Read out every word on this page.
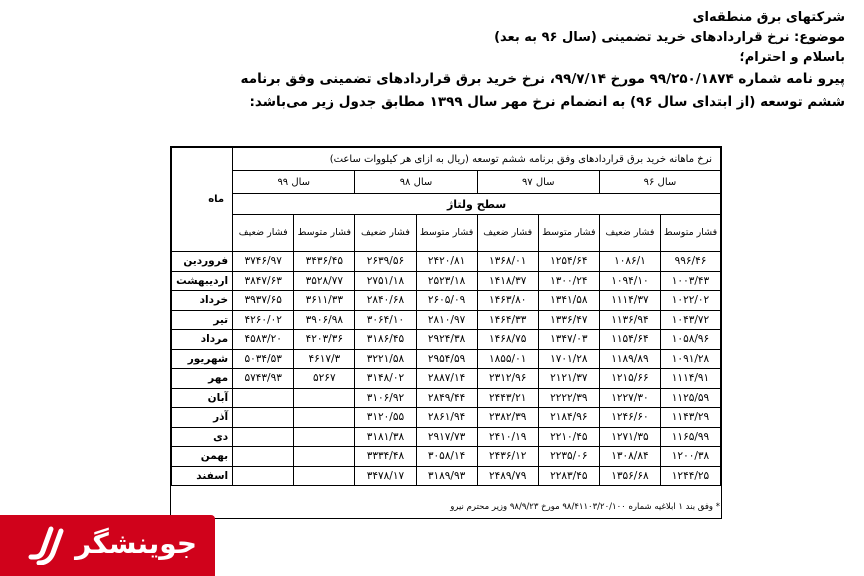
شرکتهای برق منطقه‌ای
موضوع: نرخ قراردادهای خرید تضمینی (سال ۹۶ به بعد)
باسلام و احترام؛
پیرو نامه شماره ۹۹/۲۵۰/۱۸۷۴ مورخ ۹۹/۷/۱۴، نرخ خرید برق قراردادهای تضمینی وفق برنامه
ششم توسعه (از ابتدای سال ۹۶) به انضمام نرخ مهر سال ۱۳۹۹ مطابق جدول زیر می‌باشد:
نرخ ماهانه خرید برق قراردادهای وفق برنامه ششم توسعه (ریال به ازای هر کیلووات ساعت)								ماه
سال ۹۶		سال ۹۷		سال ۹۸		سال ۹۹		
سطح ولتاژ								
فشار متوسط	فشار ضعیف	فشار متوسط	فشار ضعیف	فشار متوسط	فشار ضعیف	فشار متوسط	فشار ضعیف	
۹۹۶/۴۶	۱۰۸۶/۱	۱۲۵۴/۶۴	۱۳۶۸/۰۱	۲۴۲۰/۸۱	۲۶۳۹/۵۶	۳۴۳۶/۴۵	۳۷۴۶/۹۷	فروردین
۱۰۰۳/۴۳	۱۰۹۴/۱۰	۱۳۰۰/۲۴	۱۴۱۸/۳۷	۲۵۲۳/۱۸	۲۷۵۱/۱۸	۳۵۲۸/۷۷	۳۸۴۷/۶۳	اردیبهشت
۱۰۲۲/۰۲	۱۱۱۴/۳۷	۱۳۴۱/۵۸	۱۴۶۳/۸۰	۲۶۰۵/۰۹	۲۸۴۰/۶۸	۳۶۱۱/۳۳	۳۹۳۷/۶۵	خرداد
۱۰۴۳/۷۲	۱۱۳۶/۹۴	۱۳۳۶/۴۷	۱۴۶۴/۳۳	۲۸۱۰/۹۷	۳۰۶۴/۱۰	۳۹۰۶/۹۸	۴۲۶۰/۰۲	تیر
۱۰۵۸/۹۶	۱۱۵۴/۶۴	۱۳۴۷/۰۳	۱۴۶۸/۷۵	۲۹۲۴/۳۸	۳۱۸۶/۴۵	۴۲۰۳/۳۶	۴۵۸۳/۲۰	مرداد
۱۰۹۱/۲۸	۱۱۸۹/۸۹	۱۷۰۱/۲۸	۱۸۵۵/۰۱	۲۹۵۴/۵۹	۳۲۲۱/۵۸	۴۶۱۷/۳	۵۰۳۴/۵۳	شهریور
۱۱۱۴/۹۱	۱۲۱۵/۶۶	۲۱۲۱/۳۷	۲۳۱۲/۹۶	۲۸۸۷/۱۴	۳۱۴۸/۰۲	۵۲۶۷	۵۷۴۳/۹۳	مهر
۱۱۲۵/۵۹	۱۲۲۷/۳۰	۲۲۲۲/۳۹	۲۴۴۳/۲۱	۲۸۴۹/۴۴	۳۱۰۶/۹۲			آبان
۱۱۴۳/۲۹	۱۲۴۶/۶۰	۲۱۸۴/۹۶	۲۳۸۲/۳۹	۲۸۶۱/۹۴	۳۱۲۰/۵۵			آذر
۱۱۶۵/۹۹	۱۲۷۱/۳۵	۲۲۱۰/۴۵	۲۴۱۰/۱۹	۲۹۱۷/۷۳	۳۱۸۱/۳۸			دی
۱۲۰۰/۳۸	۱۳۰۸/۸۴	۲۲۳۵/۰۶	۲۴۳۶/۱۲	۳۰۵۸/۱۴	۳۳۳۴/۴۸			بهمن
۱۲۴۴/۲۵	۱۳۵۶/۶۸	۲۲۸۳/۴۵	۲۴۸۹/۷۹	۳۱۸۹/۹۳	۳۴۷۸/۱۷			اسفند
* وفق بند ۱ ابلاغیه شماره ۹۸/۴۱۱۰۳/۲۰/۱۰۰ مورخ ۹۸/۹/۲۳ وزیر محترم نیرو
جوینشگر
